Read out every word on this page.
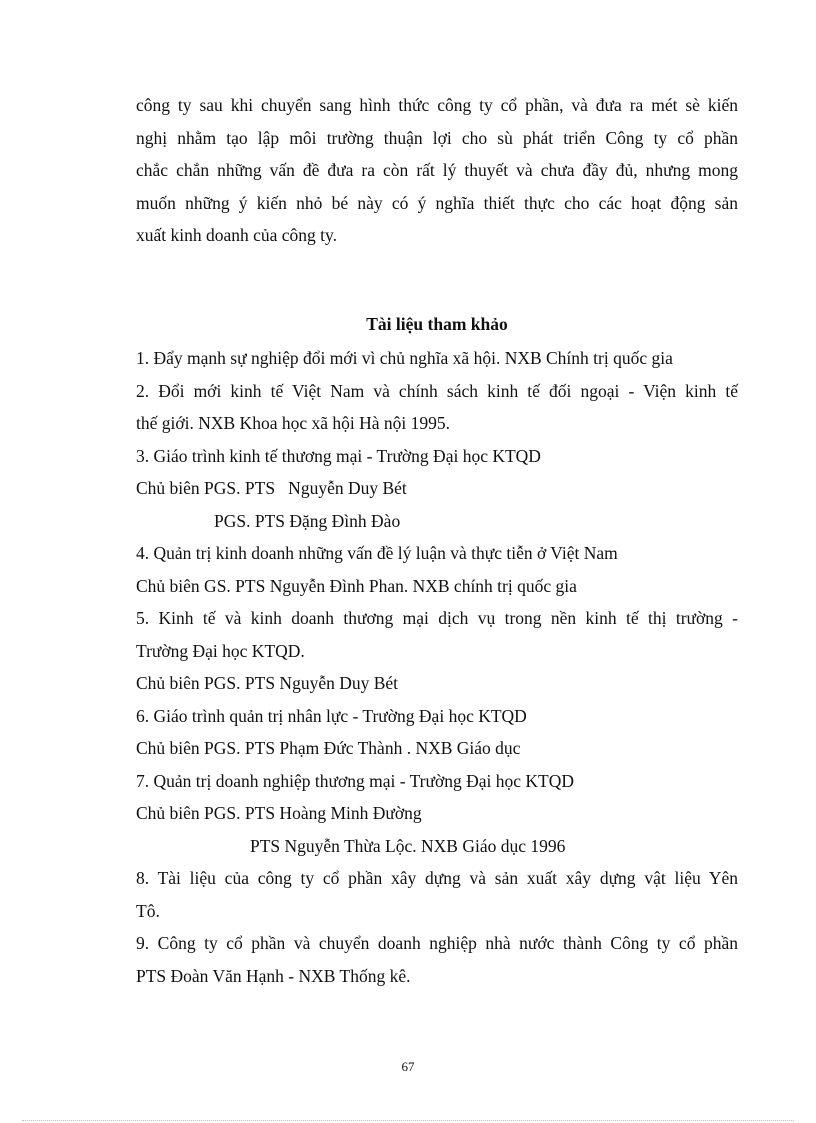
công ty sau khi chuyển sang hình thức công ty cổ phần, và đưa ra mét sè kiến
nghị nhằm tạo lập môi trường thuận lợi cho sù phát triển Công ty cổ phần
chắc chắn những vấn đề đưa ra còn rất lý thuyết và chưa đầy đủ, nhưng mong
muốn những ý kiến nhỏ bé này có ý nghĩa thiết thực cho các hoạt động sản
xuất kinh doanh của công ty.
Tài liệu tham khảo
1. Đẩy mạnh sự nghiệp đổi mới vì chủ nghĩa xã hội. NXB Chính trị quốc gia
2. Đổi mới kinh tế Việt Nam và chính sách kinh tế đối ngoại - Viện kinh tế
thế giới. NXB Khoa học xã hội Hà nội 1995.
3. Giáo trình kinh tế thương mại - Trường Đại học KTQD
Chủ biên PGS. PTS   Nguyễn Duy Bét
PGS. PTS Đặng Đình Đào
4. Quản trị kinh doanh những vấn đề lý luận và thực tiễn ở Việt Nam
Chủ biên GS. PTS Nguyễn Đình Phan. NXB chính trị quốc gia
5. Kinh tế và kinh doanh thương mại dịch vụ trong nền kinh tế thị trường -
Trường Đại học KTQD.
Chủ biên PGS. PTS Nguyễn Duy Bét
6. Giáo trình quản trị nhân lực - Trường Đại học KTQD
Chủ biên PGS. PTS Phạm Đức Thành . NXB Giáo dục
7. Quản trị doanh nghiệp thương mại - Trường Đại học KTQD
Chủ biên PGS. PTS Hoàng Minh Đường
PTS Nguyễn Thừa Lộc. NXB Giáo dục 1996
8. Tài liệu của công ty cổ phần xây dựng và sản xuất xây dựng vật liệu Yên
Tô.
9. Công ty cổ phần và chuyển doanh nghiệp nhà nước thành Công ty cổ phần
PTS Đoàn Văn Hạnh - NXB Thống kê.
67
